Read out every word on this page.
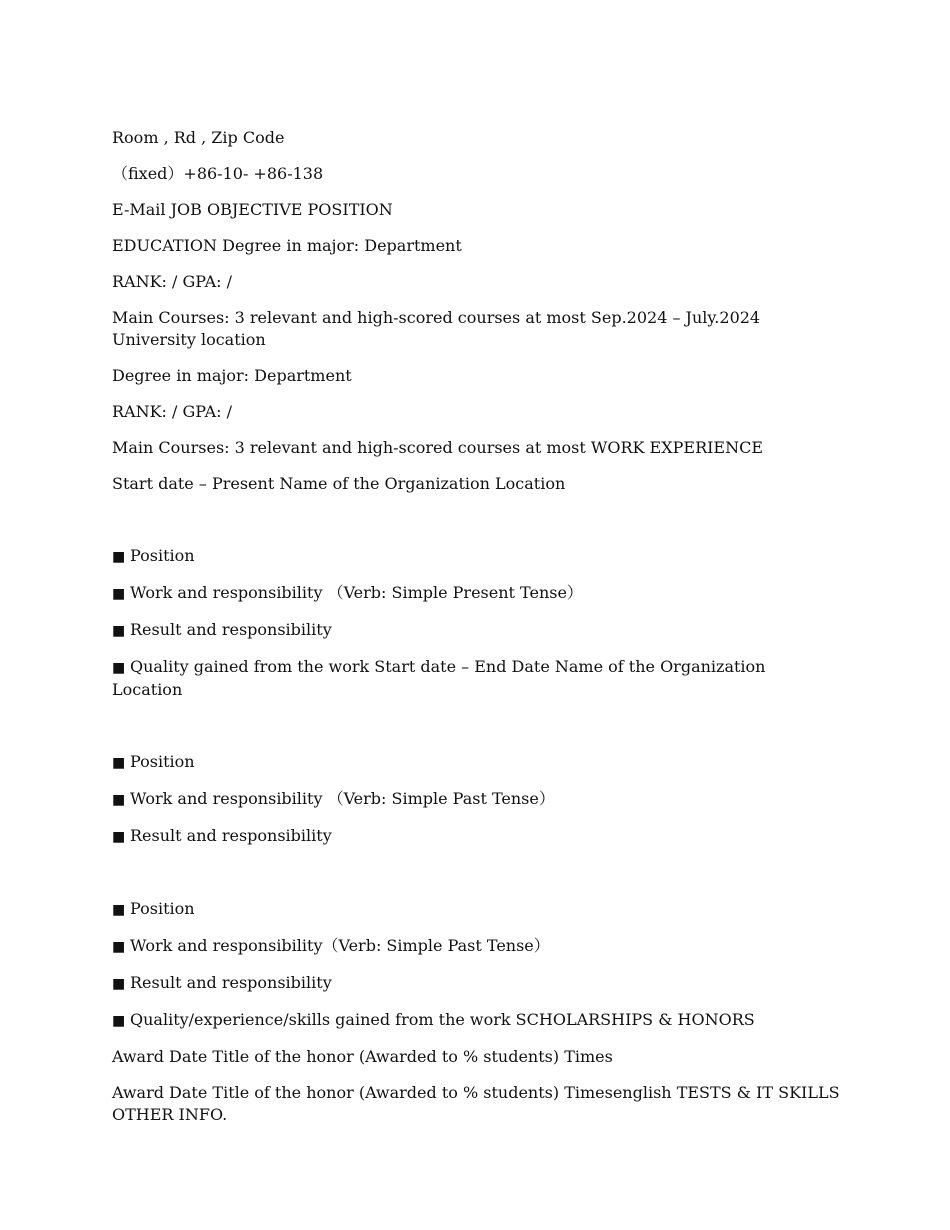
Room , Rd , Zip Code

（fixed）+86-10- +86-138

E-Mail JOB OBJECTIVE POSITION

EDUCATION Degree in major: Department

RANK: / GPA: /

Main Courses: 3 relevant and high-scored courses at most Sep.2024 – July.2024 University location

Degree in major: Department

RANK: / GPA: /

Main Courses: 3 relevant and high-scored courses at most WORK EXPERIENCE

Start date – Present Name of the Organization Location

■ Position

■ Work and responsibility （Verb: Simple Present Tense）

■ Result and responsibility

■ Quality gained from the work Start date – End Date Name of the Organization Location

■ Position

■ Work and responsibility （Verb: Simple Past Tense）

■ Result and responsibility

■ Position

■ Work and responsibility（Verb: Simple Past Tense）

■ Result and responsibility

■ Quality/experience/skills gained from the work SCHOLARSHIPS & HONORS

Award Date Title of the honor (Awarded to % students) Times

Award Date Title of the honor (Awarded to % students) Timesenglish TESTS & IT SKILLS OTHER INFO.
